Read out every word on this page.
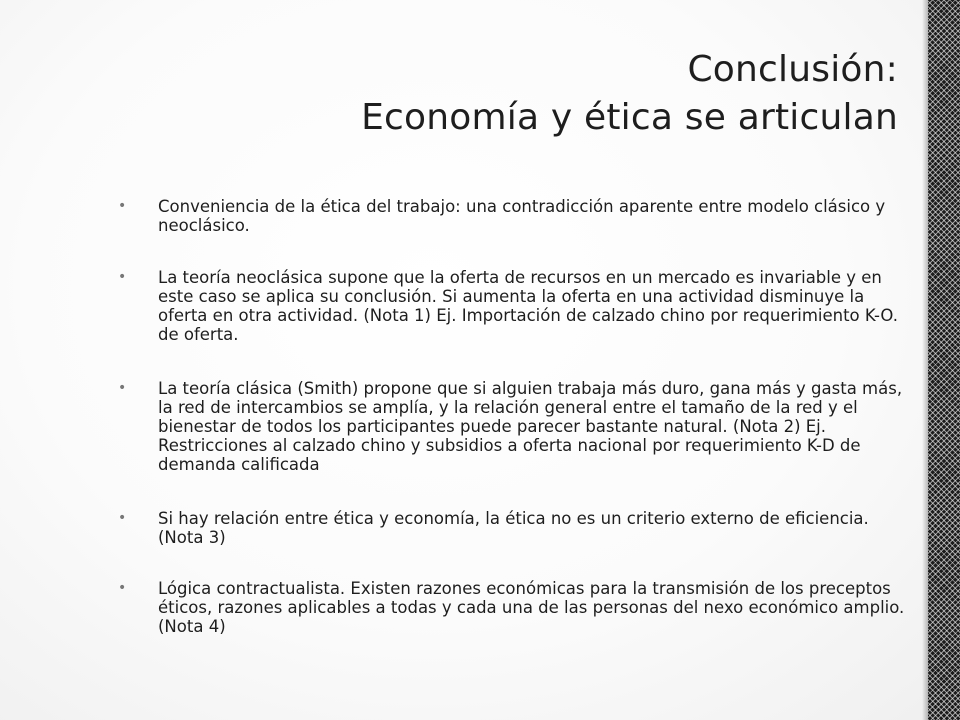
Conclusión:
Economía y ética se articulan
• Conveniencia de la ética del trabajo: una contradicción aparente entre modelo clásico y neoclásico.
• La teoría neoclásica supone que la oferta de recursos en un mercado es invariable y en este caso se aplica su conclusión. Si aumenta la oferta en una actividad disminuye la oferta en otra actividad. (Nota 1) Ej. Importación de calzado chino por requerimiento K-O. de oferta.
• La teoría clásica (Smith) propone que si alguien trabaja más duro, gana más y gasta más, la red de intercambios se amplía, y la relación general entre el tamaño de la red y el bienestar de todos los participantes puede parecer bastante natural. (Nota 2) Ej. Restricciones al calzado chino y subsidios a oferta nacional por requerimiento K-D de demanda calificada
• Si hay relación entre ética y economía, la ética no es un criterio externo de eficiencia. (Nota 3)
• Lógica contractualista. Existen razones económicas para la transmisión de los preceptos éticos, razones aplicables a todas y cada una de las personas del nexo económico amplio. (Nota 4)
